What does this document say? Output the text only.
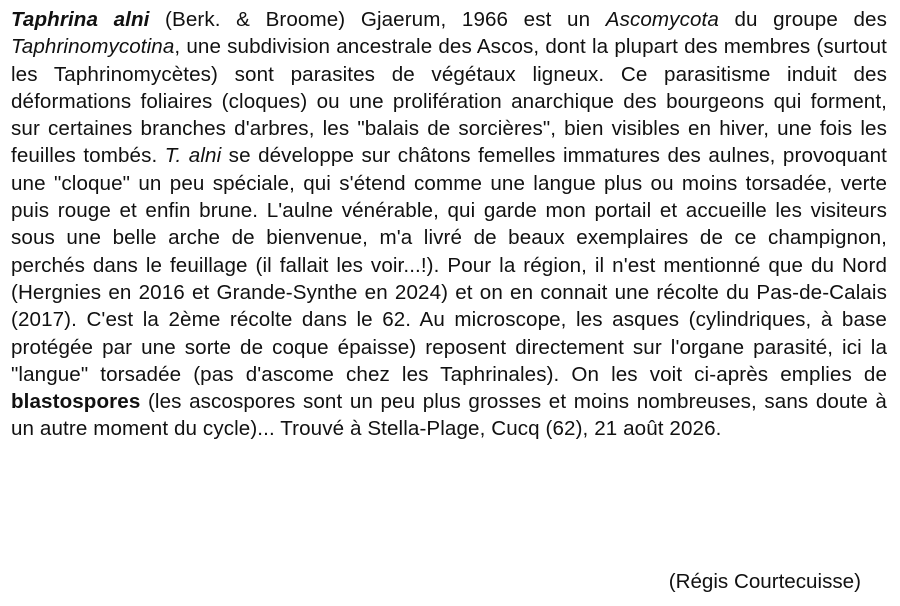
Taphrina alni (Berk. & Broome) Gjaerum, 1966 est un Ascomycota du groupe des Taphrinomycotina, une subdivision ancestrale des Ascos, dont la plupart des membres (surtout les Taphrinomycètes) sont parasites de végétaux ligneux. Ce parasitisme induit des déformations foliaires (cloques) ou une prolifération anarchique des bourgeons qui forment, sur certaines branches d'arbres, les "balais de sorcières", bien visibles en hiver, une fois les feuilles tombés. T. alni se développe sur châtons femelles immatures des aulnes, provoquant une "cloque" un peu spéciale, qui s'étend comme une langue plus ou moins torsadée, verte puis rouge et enfin brune. L'aulne vénérable, qui garde mon portail et accueille les visiteurs sous une belle arche de bienvenue, m'a livré de beaux exemplaires de ce champignon, perchés dans le feuillage (il fallait les voir...!). Pour la région, il n'est mentionné que du Nord (Hergnies en 2016 et Grande-Synthe en 2024) et on en connait une récolte du Pas-de-Calais (2017). C'est la 2ème récolte dans le 62. Au microscope, les asques (cylindriques, à base protégée par une sorte de coque épaisse) reposent directement sur l'organe parasité, ici la "langue" torsadée (pas d'ascome chez les Taphrinales). On les voit ci-après emplies de blastospores (les ascospores sont un peu plus grosses et moins nombreuses, sans doute à un autre moment du cycle)... Trouvé à Stella-Plage, Cucq (62), 21 août 2026.

(Régis Courtecuisse)
